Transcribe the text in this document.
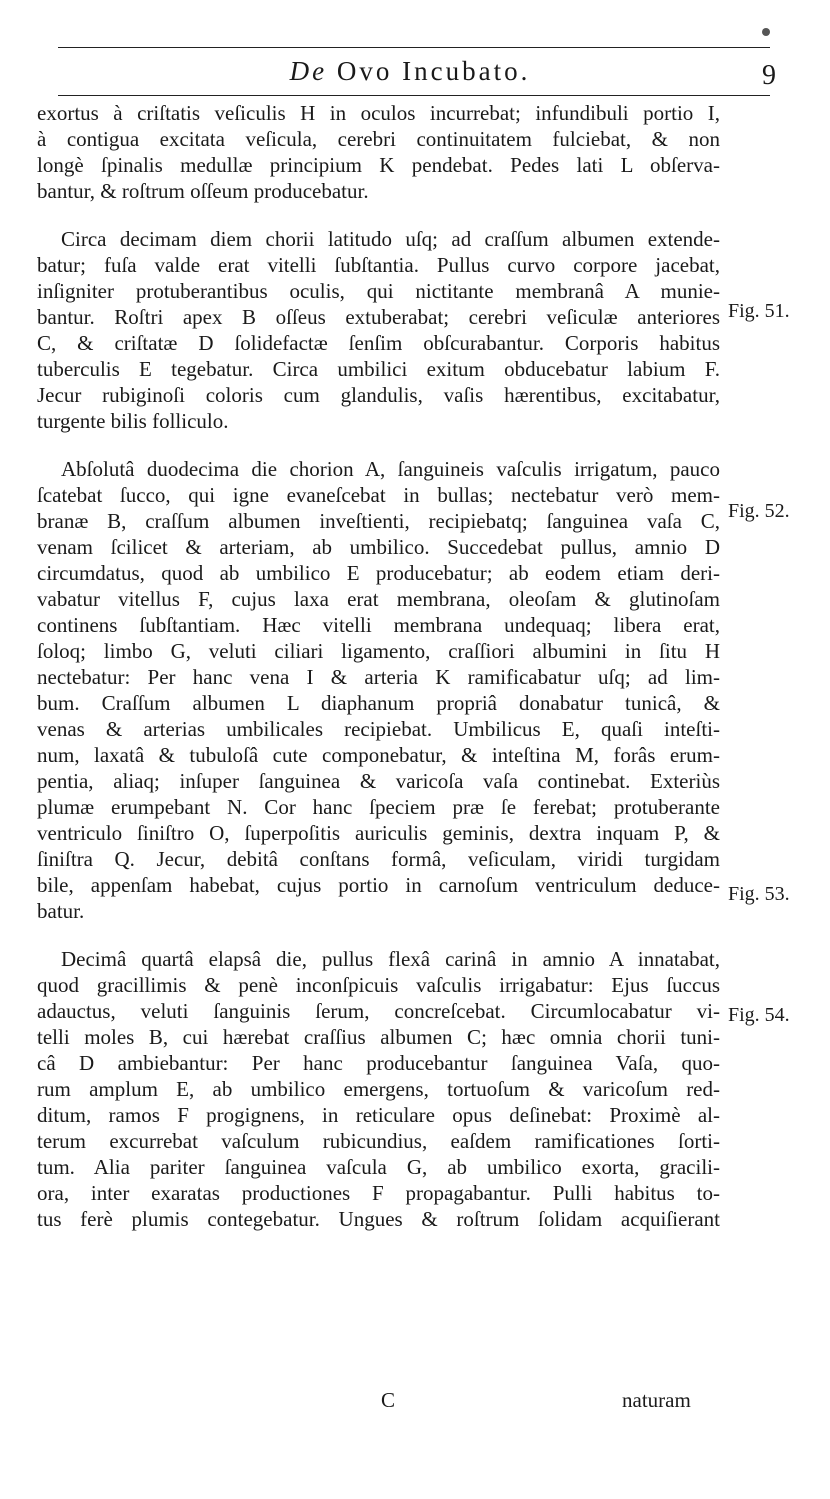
De Ovo Incubato.	9
exortus à criſtatis veſiculis H in oculos incurrebat; infundibuli portio I,
à contigua excitata veſicula, cerebri continuitatem fulciebat, & non
longè ſpinalis medullæ principium K pendebat. Pedes lati L obſerva-
bantur, & roſtrum oſſeum producebatur.
Circa decimam diem chorii latitudo uſq; ad craſſum albumen extende-
batur; fuſa valde erat vitelli ſubſtantia. Pullus curvo corpore jacebat,
inſigniter protuberantibus oculis, qui nictitante membranâ A munie-
bantur. Roſtri apex B oſſeus extuberabat; cerebri veſiculæ anteriores
C, & criſtatæ D ſolidefactæ ſenſim obſcurabantur. Corporis habitus
tuberculis E tegebatur. Circa umbilici exitum obducebatur labium F.
Jecur rubiginoſi coloris cum glandulis, vaſis hærentibus, excitabatur,
turgente bilis folliculo.
Abſolutâ duodecima die chorion A, ſanguineis vaſculis irrigatum, pauco
ſcatebat ſucco, qui igne evaneſcebat in bullas; nectebatur verò mem-
branæ B, craſſum albumen inveſtienti, recipiebatq; ſanguinea vaſa C,
venam ſcilicet & arteriam, ab umbilico. Succedebat pullus, amnio D
circumdatus, quod ab umbilico E producebatur; ab eodem etiam deri-
vabatur vitellus F, cujus laxa erat membrana, oleoſam & glutinoſam
continens ſubſtantiam. Hæc vitelli membrana undequaq; libera erat,
ſoloq; limbo G, veluti ciliari ligamento, craſſiori albumini in ſitu H
nectebatur: Per hanc vena I & arteria K ramificabatur uſq; ad lim-
bum. Craſſum albumen L diaphanum propriâ donabatur tunicâ, &
venas & arterias umbilicales recipiebat. Umbilicus E, quaſi inteſti-
num, laxatâ & tubuloſâ cute componebatur, & inteſtina M, forâs erum-
pentia, aliaq; inſuper ſanguinea & varicoſa vaſa continebat. Exteriùs
plumæ erumpebant N. Cor hanc ſpeciem præ ſe ferebat; protuberante
ventriculo ſiniſtro O, ſuperpoſitis auriculis geminis, dextra inquam P, &
ſiniſtra Q. Jecur, debitâ conſtans formâ, veſiculam, viridi turgidam
bile, appenſam habebat, cujus portio in carnoſum ventriculum deduce-
batur.
Decimâ quartâ elapsâ die, pullus flexâ carinâ in amnio A innatabat,
quod gracillimis & penè inconſpicuis vaſculis irrigabatur: Ejus ſuccus
adauctus, veluti ſanguinis ſerum, concreſcebat. Circumlocabatur vi-
telli moles B, cui hærebat craſſius albumen C; hæc omnia chorii tuni-
câ D ambiebantur: Per hanc producebantur ſanguinea Vaſa, quo-
rum amplum E, ab umbilico emergens, tortuoſum & varicoſum red-
ditum, ramos F progignens, in reticulare opus deſinebat: Proximè al-
terum excurrebat vaſculum rubicundius, eaſdem ramificationes ſorti-
tum. Alia pariter ſanguinea vaſcula G, ab umbilico exorta, gracili-
ora, inter exaratas productiones F propagabantur. Pulli habitus to-
tus ferè plumis contegebatur. Ungues & roſtrum ſolidam acquiſierant
Fig. 51.
Fig. 52.
Fig. 53.
Fig. 54.
C	naturam
